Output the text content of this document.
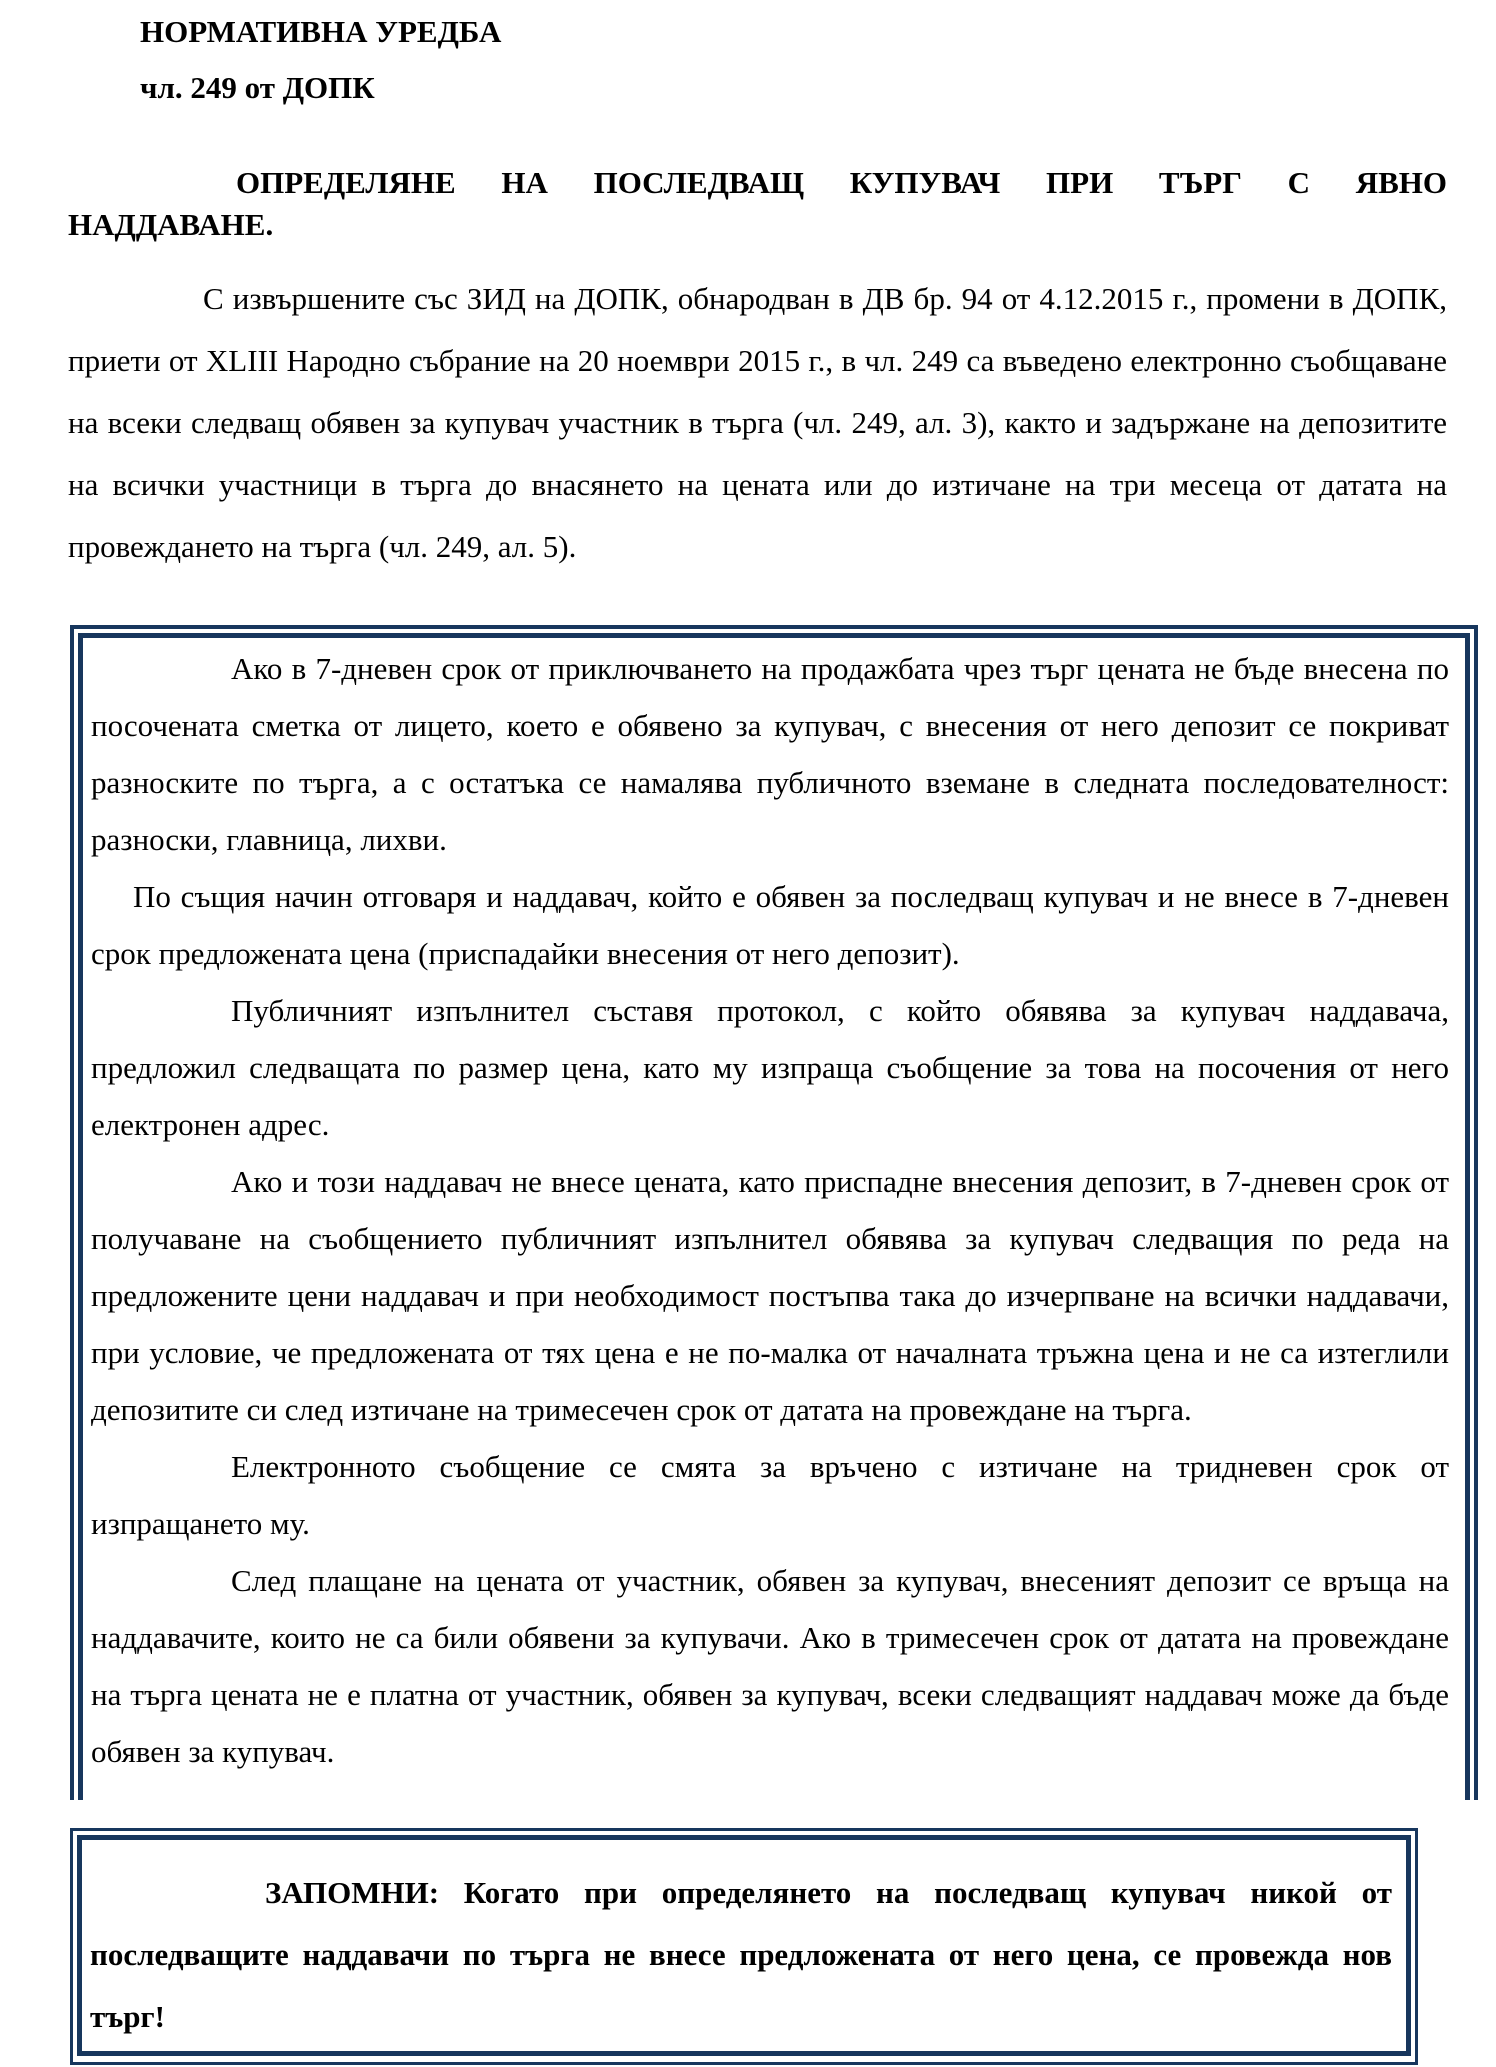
НОРМАТИВНА УРЕДБА
чл. 249 от ДОПК
ОПРЕДЕЛЯНЕ НА ПОСЛЕДВАЩ КУПУВАЧ ПРИ ТЪРГ С ЯВНО
НАДДАВАНЕ.

С извършените със ЗИД на ДОПК, обнародван в ДВ бр. 94 от 4.12.2015 г., промени в ДОПК, приети от XLIII Народно събрание на 20 ноември 2015 г., в чл. 249 са въведено електронно съобщаване на всеки следващ обявен за купувач участник в търга (чл. 249, ал. 3), както и задържане на депозитите на всички участници в търга до внасянето на цената или до изтичане на три месеца от датата на провеждането на търга (чл. 249, ал. 5).

Ако в 7-дневен срок от приключването на продажбата чрез търг цената не бъде внесена по посочената сметка от лицето, което е обявено за купувач, с внесения от него депозит се покриват разноските по търга, а с остатъка се намалява публичното вземане в следната последователност: разноски, главница, лихви.

По същия начин отговаря и наддавач, който е обявен за последващ купувач и не внесе в 7-дневен срок предложената цена (приспадайки внесения от него депозит).

Публичният изпълнител съставя протокол, с който обявява за купувач наддавача, предложил следващата по размер цена, като му изпраща съобщение за това на посочения от него електронен адрес.

Ако и този наддавач не внесе цената, като приспадне внесения депозит, в 7-дневен срок от получаване на съобщението публичният изпълнител обявява за купувач следващия по реда на предложените цени наддавач и при необходимост постъпва така до изчерпване на всички наддавачи, при условие, че предложената от тях цена е не по-малка от началната тръжна цена и не са изтеглили депозитите си след изтичане на тримесечен срок от датата на провеждане на търга.

Електронното съобщение се смята за връчено с изтичане на тридневен срок от изпращането му.

След плащане на цената от участник, обявен за купувач, внесеният депозит се връща на наддавачите, които не са били обявени за купувачи. Ако в тримесечен срок от датата на провеждане на търга цената не е платна от участник, обявен за купувач, всеки следващият наддавач може да бъде обявен за купувач.

ЗАПОМНИ: Когато при определянето на последващ купувач никой от последващите наддавачи по търга не внесе предложената от него цена, се провежда нов търг!
